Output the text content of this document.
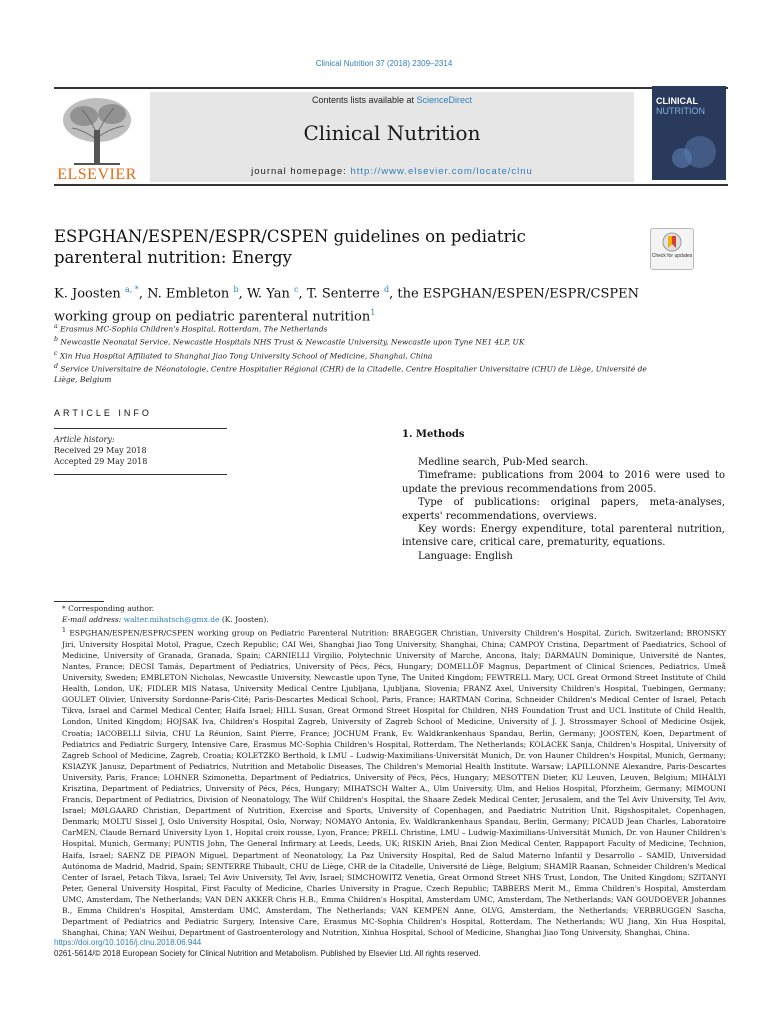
Clinical Nutrition 37 (2018) 2309–2314
ELSEVIER
Contents lists available at ScienceDirect
Clinical Nutrition
journal homepage: http://www.elsevier.com/locate/clnu
CLINICAL
NUTRITION
ESPGHAN/ESPEN/ESPR/CSPEN guidelines on pediatric parenteral nutrition: Energy	Check for updates
K. Joosten $^{a, *}$, N. Embleton $^b$, W. Yan $^c$, T. Senterre $^d$, the ESPGHAN/ESPEN/ESPR/CSPEN working group on pediatric parenteral nutrition$^1$
$^a$ Erasmus MC-Sophia Children's Hospital, Rotterdam, The Netherlands
$^b$ Newcastle Neonatal Service, Newcastle Hospitals NHS Trust & Newcastle University, Newcastle upon Tyne NE1 4LP, UK
$^c$ Xin Hua Hospital Affiliated to Shanghai Jiao Tong University School of Medicine, Shanghai, China
$^d$ Service Universitaire de Néonatologie, Centre Hospitalier Régional (CHR) de la Citadelle, Centre Hospitalier Universitaire (CHU) de Liège, Université de Liège, Belgium
ARTICLE INFO
Article history:
Received 29 May 2018
Accepted 29 May 2018
1. Methods

Medline search, Pub-Med search.

Timeframe: publications from 2004 to 2016 were used to update the previous recommendations from 2005.

Type of publications: original papers, meta-analyses, experts' recommendations, overviews.

Key words: Energy expenditure, total parenteral nutrition, intensive care, critical care, prematurity, equations.

Language: English

* Corresponding author.

E-mail address: walter.mihatsch@gmx.de (K. Joosten).

$^1$ ESPGHAN/ESPEN/ESPR/CSPEN working group on Pediatric Parenteral Nutrition: BRAEGGER Christian, University Children's Hospital, Zurich, Switzerland; BRONSKY Jiri, University Hospital Motol, Prague, Czech Republic; CAI Wei, Shanghai Jiao Tong University, Shanghai, China; CAMPOY Cristina, Department of Paediatrics, School of Medicine, University of Granada, Granada, Spain; CARNIELLI Virgilio, Polytechnic University of Marche, Ancona, Italy; DARMAUN Dominique, Université de Nantes, Nantes, France; DECSI Tamás, Department of Pediatrics, University of Pécs, Pécs, Hungary; DOMELLÖF Magnus, Department of Clinical Sciences, Pediatrics, Umeå University, Sweden; EMBLETON Nicholas, Newcastle University, Newcastle upon Tyne, The United Kingdom; FEWTRELL Mary, UCL Great Ormond Street Institute of Child Health, London, UK; FIDLER MIS Natasa, University Medical Centre Ljubljana, Ljubljana, Slovenia; FRANZ Axel, University Children's Hospital, Tuebingen, Germany; GOULET Olivier, University Sordonne-Paris-Cité; Paris-Descartes Medical School, Paris, France; HARTMAN Corina, Schneider Children's Medical Center of Israel, Petach Tikva, Israel and Carmel Medical Center, Haifa Israel; HILL Susan, Great Ormond Street Hospital for Children, NHS Foundation Trust and UCL Institute of Child Health, London, United Kingdom; HOJSAK Iva, Children's Hospital Zagreb, University of Zagreb School of Medicine, University of J. J. Strossmayer School of Medicine Osijek, Croatia; IACOBELLI Silvia, CHU La Réunion, Saint Pierre, France; JOCHUM Frank, Ev. Waldkrankenhaus Spandau, Berlin, Germany; JOOSTEN, Koen, Department of Pediatrics and Pediatric Surgery, Intensive Care, Erasmus MC-Sophia Children's Hospital, Rotterdam, The Netherlands; KOLACEK Sanja, Children's Hospital, University of Zagreb School of Medicine, Zagreb, Croatia; KOLETZKO Berthold, k LMU – Ludwig-Maximilians-Universität Munich, Dr. von Hauner Children's Hospital, Munich, Germany; KSIAZYK Janusz, Department of Pediatrics, Nutrition and Metabolic Diseases, The Children's Memorial Health Institute. Warsaw; LAPILLONNE Alexandre, Paris-Descartes University, Paris, France; LOHNER Szimonetta, Department of Pediatrics, University of Pécs, Pécs, Hungary; MESOTTEN Dieter, KU Leuven, Leuven, Belgium; MIHÁLYI Krisztina, Department of Pediatrics, University of Pécs, Pécs, Hungary; MIHATSCH Walter A., Ulm University, Ulm, and Helios Hospital, Pforzheim, Germany; MIMOUNI Francis, Department of Pediatrics, Division of Neonatology, The Wilf Children's Hospital, the Shaare Zedek Medical Center, Jerusalem, and the Tel Aviv University, Tel Aviv, Israel; MØLGAARD Christian, Department of Nutrition, Exercise and Sports, University of Copenhagen, and Paediatric Nutrition Unit, Rigshospitalet, Copenhagen, Denmark; MOLTU Sissel J, Oslo University Hospital, Oslo, Norway; NOMAYO Antonia, Ev. Waldkrankenhaus Spandau, Berlin, Germany; PICAUD Jean Charles, Laboratoire CarMEN, Claude Bernard University Lyon 1, Hopital croix rousse, Lyon, France; PRELL Christine, LMU – Ludwig-Maximilians-Universität Munich, Dr. von Hauner Children's Hospital, Munich, Germany; PUNTIS John, The General Infirmary at Leeds, Leeds, UK; RISKIN Arieh, Bnai Zion Medical Center, Rappaport Faculty of Medicine, Technion, Haifa, Israel; SAENZ DE PIPAON Miguel, Department of Neonatology, La Paz University Hospital, Red de Salud Materno Infantil y Desarrollo – SAMID, Universidad Autónoma de Madrid, Madrid, Spain; SENTERRE Thibault, CHU de Liège, CHR de la Citadelle, Université de Liège, Belgium; SHAMIR Raanan, Schneider Children's Medical Center of Israel, Petach Tikva, Israel; Tel Aviv University, Tel Aviv, Israel; SIMCHOWITZ Venetia, Great Ormond Street NHS Trust, London, The United Kingdom; SZITANYI Peter, General University Hospital, First Faculty of Medicine, Charles University in Prague, Czech Republic; TABBERS Merit M., Emma Children's Hospital, Amsterdam UMC, Amsterdam, The Netherlands; VAN DEN AKKER Chris H.B., Emma Children's Hospital, Amsterdam UMC, Amsterdam, The Netherlands; VAN GOUDOEVER Johannes B., Emma Children's Hospital, Amsterdam UMC, Amsterdam, The Netherlands; VAN KEMPEN Anne, OLVG, Amsterdam, the Netherlands; VERBRUGGEN Sascha, Department of Pediatrics and Pediatric Surgery, Intensive Care, Erasmus MC-Sophia Children's Hospital, Rotterdam, The Netherlands; WU Jiang, Xin Hua Hospital, Shanghai, China; YAN Weihui, Department of Gastroenterology and Nutrition, Xinhua Hospital, School of Medicine, Shanghai Jiao Tong University, Shanghai, China.

https://doi.org/10.1016/j.clnu.2018.06.944
0261-5614/© 2018 European Society for Clinical Nutrition and Metabolism. Published by Elsevier Ltd. All rights reserved.
